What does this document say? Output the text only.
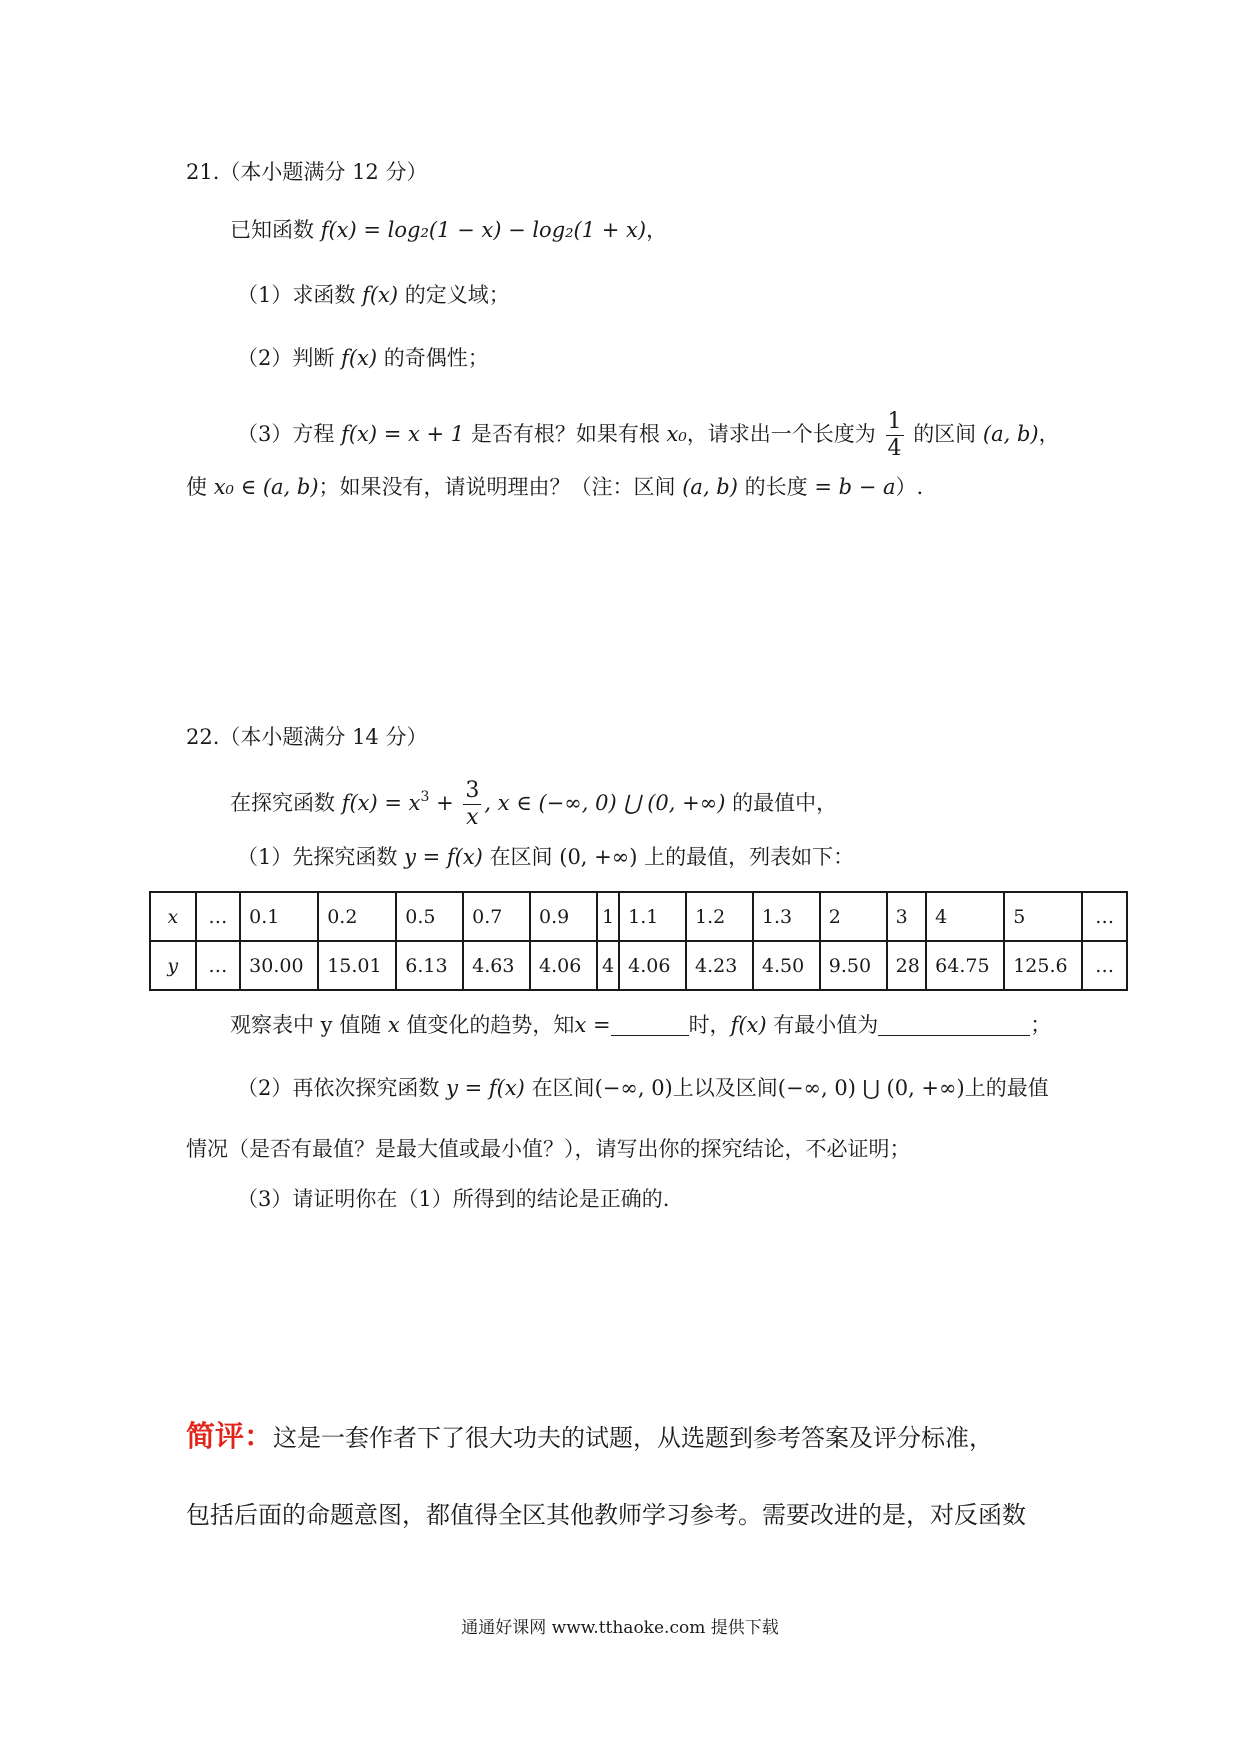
21.（本小题满分 12 分）
已知函数 f(x) = log₂(1 − x) − log₂(1 + x)，
（1）求函数 f(x) 的定义域；
（2）判断 f(x) 的奇偶性；
（3）方程 f(x) = x + 1 是否有根？如果有根 x₀，请求出一个长度为 $\frac{1}{4}$ 的区间 (a, b)，
使 x₀ ∈ (a, b)；如果没有，请说明理由？（注：区间 (a, b) 的长度 = b − a）.
22.（本小题满分 14 分）
在探究函数 $f(x) = x^3 + \frac{3}{x}$ , x ∈ (−∞, 0) ⋃ (0, +∞) 的最值中，
（1）先探究函数 y = f(x) 在区间 (0, +∞) 上的最值，列表如下：
x	…	0.1	0.2	0.5	0.7	0.9	1	1.1	1.2	1.3	2	3	4	5	…
y	…	30.00	15.01	6.13	4.63	4.06	4	4.06	4.23	4.50	9.50	28	64.75	125.6	…
观察表中 y 值随 x 值变化的趋势，知x =	时，f(x) 有最小值为	；
（2）再依次探究函数 y = f(x) 在区间(−∞, 0)上以及区间(−∞, 0) ⋃ (0, +∞)上的最值
情况（是否有最值？是最大值或最小值？），请写出你的探究结论，不必证明；
（3）请证明你在（1）所得到的结论是正确的.
简评：这是一套作者下了很大功夫的试题，从选题到参考答案及评分标准，
包括后面的命题意图，都值得全区其他教师学习参考。需要改进的是，对反函数
通通好课网 www.tthaoke.com 提供下载
